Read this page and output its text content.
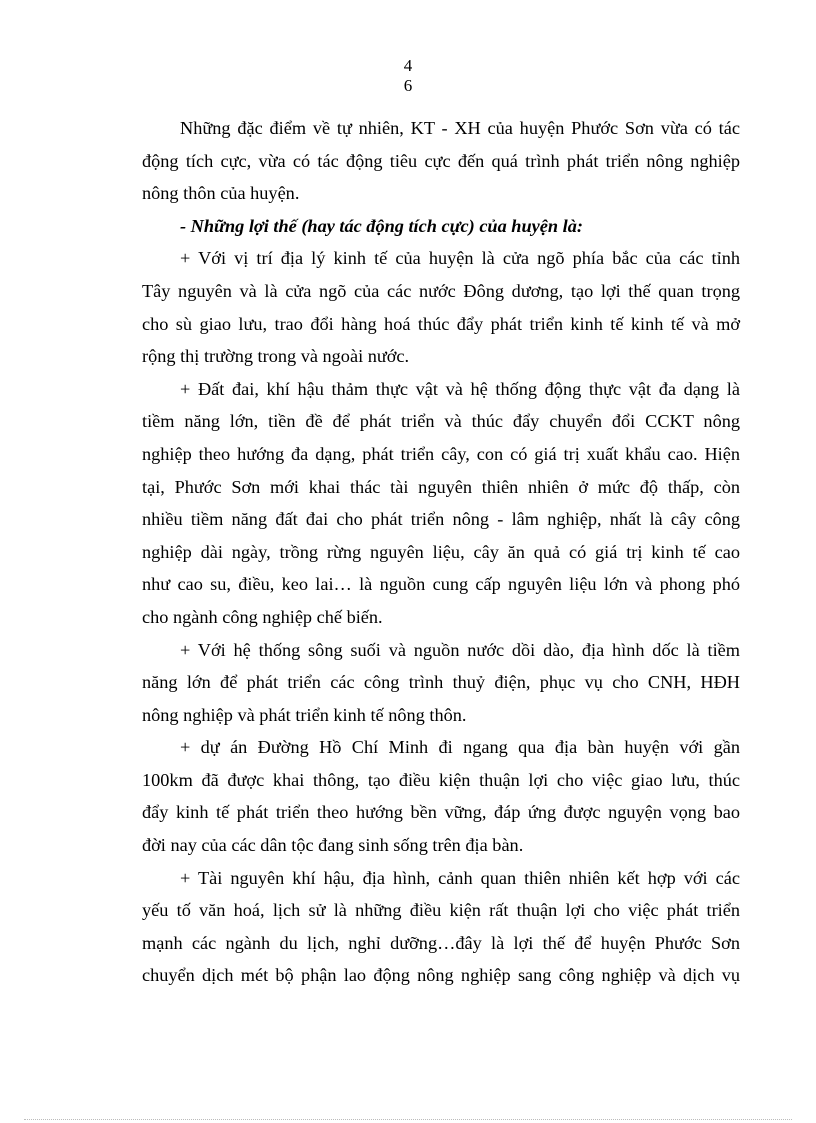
4
6
Những đặc điểm về tự nhiên, KT - XH của huyện Phước Sơn vừa có tác
động tích cực, vừa có tác động tiêu cực đến quá trình phát triển nông nghiệp
nông thôn của huyện.
- Những lợi thế (hay tác động tích cực) của huyện là:
+ Với vị trí địa lý kinh tế của huyện là cửa ngõ phía bắc của các tỉnh
Tây nguyên và là cửa ngõ của các nước Đông dương, tạo lợi thế quan trọng
cho sù giao lưu, trao đổi hàng hoá thúc đẩy phát triển kinh tế kinh tế và mở
rộng thị trường trong và ngoài nước.
+ Đất đai, khí hậu thảm thực vật và hệ thống động thực vật đa dạng là
tiềm năng lớn, tiền đề để phát triển và thúc đẩy chuyển đổi CCKT nông
nghiệp theo hướng đa dạng, phát triển cây, con có giá trị xuất khẩu cao. Hiện
tại, Phước Sơn mới khai thác tài nguyên thiên nhiên ở mức độ thấp, còn
nhiều tiềm năng đất đai cho phát triển nông - lâm nghiệp, nhất là cây công
nghiệp dài ngày, trồng rừng nguyên liệu, cây ăn quả có giá trị kinh tế cao
như cao su, điều, keo lai… là nguồn cung cấp nguyên liệu lớn và phong phó
cho ngành công nghiệp chế biến.
+ Với hệ thống sông suối và nguồn nước dồi dào, địa hình dốc là tiềm
năng lớn để phát triển các công trình thuỷ điện, phục vụ cho CNH, HĐH
nông nghiệp và phát triển kinh tế nông thôn.
+ dự án Đường Hồ Chí Minh đi ngang qua địa bàn huyện với gần
100km đã được khai thông, tạo điều kiện thuận lợi cho việc giao lưu, thúc
đẩy kinh tế phát triển theo hướng bền vững, đáp ứng được nguyện vọng bao
đời nay của các dân tộc đang sinh sống trên địa bàn.
+ Tài nguyên khí hậu, địa hình, cảnh quan thiên nhiên kết hợp với các
yếu tố văn hoá, lịch sử là những điều kiện rất thuận lợi cho việc phát triển
mạnh các ngành du lịch, nghỉ dưỡng…đây là lợi thế để huyện Phước Sơn
chuyển dịch mét bộ phận lao động nông nghiệp sang công nghiệp và dịch vụ
